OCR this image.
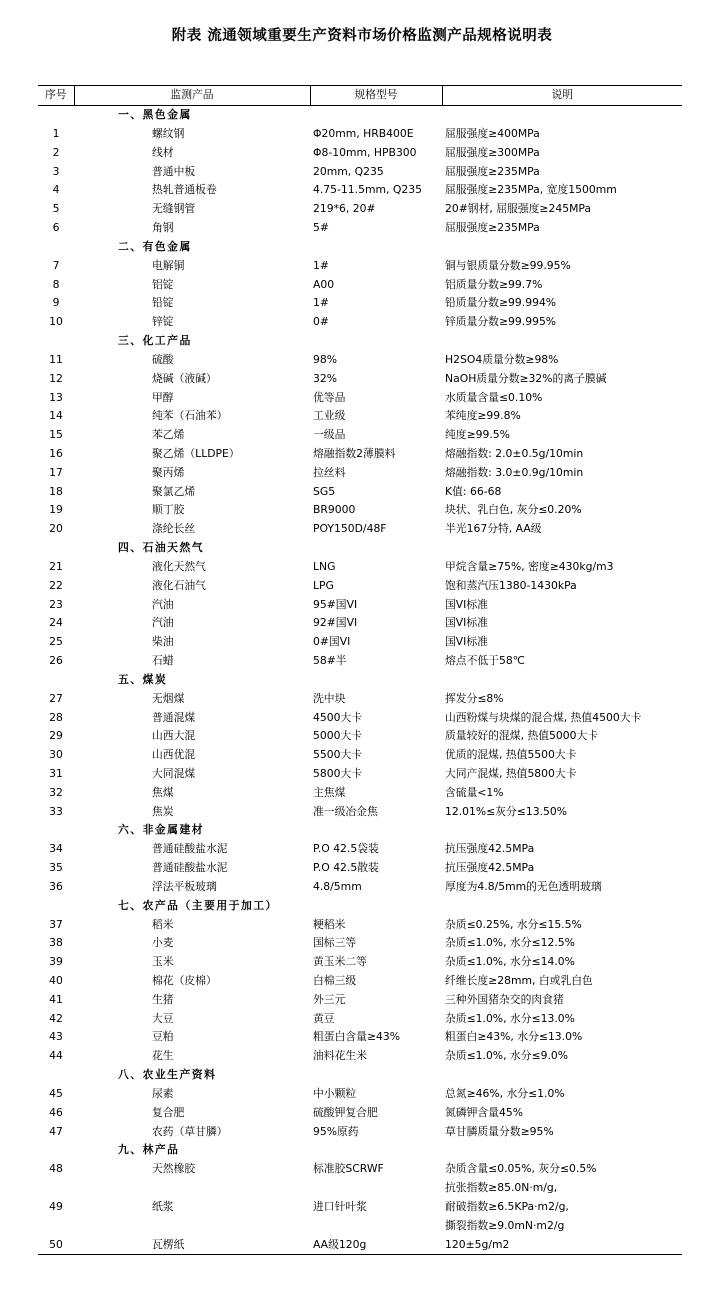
附表 流通领域重要生产资料市场价格监测产品规格说明表
序号	监测产品	规格型号	说明
	一、黑色金属		
1	螺纹钢	Φ20mm, HRB400E	屈服强度≥400MPa

2	线材	Φ8-10mm, HPB300	屈服强度≥300MPa

3	普通中板	20mm, Q235	屈服强度≥235MPa

4	热轧普通板卷	4.75-11.5mm, Q235	屈服强度≥235MPa, 宽度1500mm

5	无缝钢管	219*6, 20#	20#钢材, 屈服强度≥245MPa

6	角钢	5#	屈服强度≥235MPa

	二、有色金属		
7	电解铜	1#	铜与银质量分数≥99.95%

8	铝锭	A00	铝质量分数≥99.7%

9	铅锭	1#	铅质量分数≥99.994%

10	锌锭	0#	锌质量分数≥99.995%

	三、化工产品		
11	硫酸	98%	H2SO4质量分数≥98%

12	烧碱（液碱）	32%	NaOH质量分数≥32%的离子膜碱

13	甲醇	优等品	水质量含量≤0.10%

14	纯苯（石油苯）	工业级	苯纯度≥99.8%

15	苯乙烯	一级品	纯度≥99.5%

16	聚乙烯（LLDPE）	熔融指数2薄膜料	熔融指数: 2.0±0.5g/10min

17	聚丙烯	拉丝料	熔融指数: 3.0±0.9g/10min

18	聚氯乙烯	SG5	K值: 66-68

19	顺丁胶	BR9000	块状、乳白色, 灰分≤0.20%

20	涤纶长丝	POY150D/48F	半光167分特, AA级

	四、石油天然气		
21	液化天然气	LNG	甲烷含量≥75%, 密度≥430kg/m3

22	液化石油气	LPG	饱和蒸汽压1380-1430kPa

23	汽油	95#国VI	国VI标准

24	汽油	92#国VI	国VI标准

25	柴油	0#国VI	国VI标准

26	石蜡	58#半	熔点不低于58℃

	五、煤炭		
27	无烟煤	洗中块	挥发分≤8%

28	普通混煤	4500大卡	山西粉煤与块煤的混合煤, 热值4500大卡

29	山西大混	5000大卡	质量较好的混煤, 热值5000大卡

30	山西优混	5500大卡	优质的混煤, 热值5500大卡

31	大同混煤	5800大卡	大同产混煤, 热值5800大卡

32	焦煤	主焦煤	含硫量<1%

33	焦炭	准一级冶金焦	12.01%≤灰分≤13.50%

	六、非金属建材		
34	普通硅酸盐水泥	P.O 42.5袋装	抗压强度42.5MPa

35	普通硅酸盐水泥	P.O 42.5散装	抗压强度42.5MPa

36	浮法平板玻璃	4.8/5mm	厚度为4.8/5mm的无色透明玻璃

	七、农产品（主要用于加工）		

37	稻米	粳稻米	杂质≤0.25%, 水分≤15.5%

38	小麦	国标三等	杂质≤1.0%, 水分≤12.5%

39	玉米	黄玉米二等	杂质≤1.0%, 水分≤14.0%

40	棉花（皮棉）	白棉三级	纤维长度≥28mm, 白或乳白色

41	生猪	外三元	三种外国猪杂交的肉食猪

42	大豆	黄豆	杂质≤1.0%, 水分≤13.0%

43	豆粕	粗蛋白含量≥43%	粗蛋白≥43%, 水分≤13.0%

44	花生	油料花生米	杂质≤1.0%, 水分≤9.0%

	八、农业生产资料		
45	尿素	中小颗粒	总氮≥46%, 水分≤1.0%

46	复合肥	硫酸钾复合肥	氮磷钾含量45%

47	农药（草甘膦）	95%原药	草甘膦质量分数≥95%

	九、林产品		
48	天然橡胶	标准胶SCRWF	杂质含量≤0.05%, 灰分≤0.5%
抗张指数≥85.0N·m/g,

49	纸浆	进口针叶浆	耐破指数≥6.5KPa·m2/g,
撕裂指数≥9.0mN·m2/g

50	瓦楞纸	AA级120g	120±5g/m2
